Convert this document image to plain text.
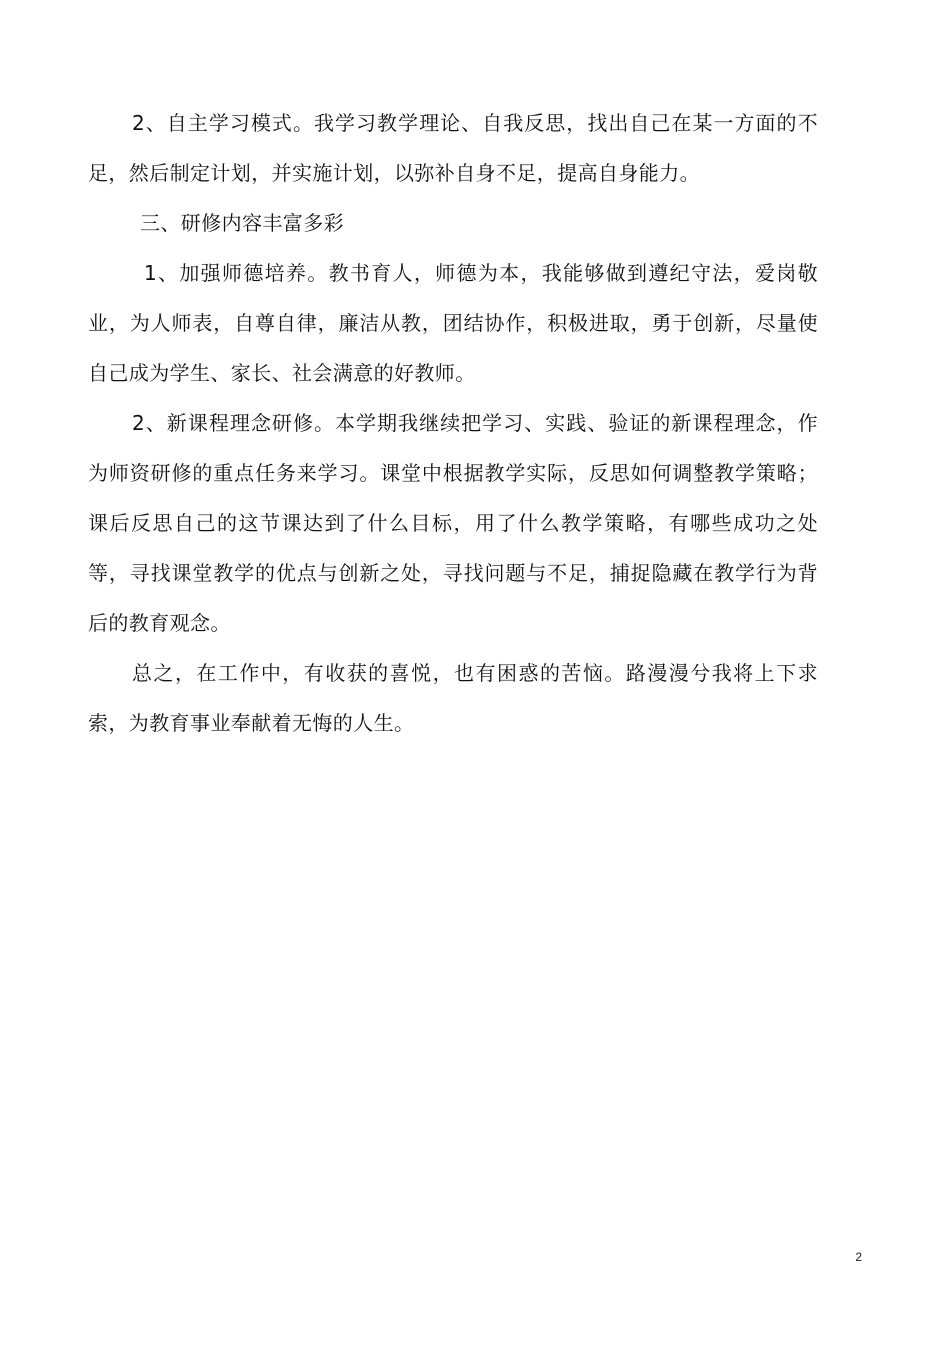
2、自主学习模式。我学习教学理论、自我反思，找出自己在某一方面的不足，然后制定计划，并实施计划，以弥补自身不足，提高自身能力。

三、研修内容丰富多彩

1、加强师德培养。教书育人，师德为本，我能够做到遵纪守法，爱岗敬业，为人师表，自尊自律，廉洁从教，团结协作，积极进取，勇于创新，尽量使自己成为学生、家长、社会满意的好教师。

2、新课程理念研修。本学期我继续把学习、实践、验证的新课程理念，作为师资研修的重点任务来学习。课堂中根据教学实际，反思如何调整教学策略；课后反思自己的这节课达到了什么目标，用了什么教学策略，有哪些成功之处等，寻找课堂教学的优点与创新之处，寻找问题与不足，捕捉隐藏在教学行为背后的教育观念。

总之，在工作中，有收获的喜悦，也有困惑的苦恼。路漫漫兮我将上下求索，为教育事业奉献着无悔的人生。

2
